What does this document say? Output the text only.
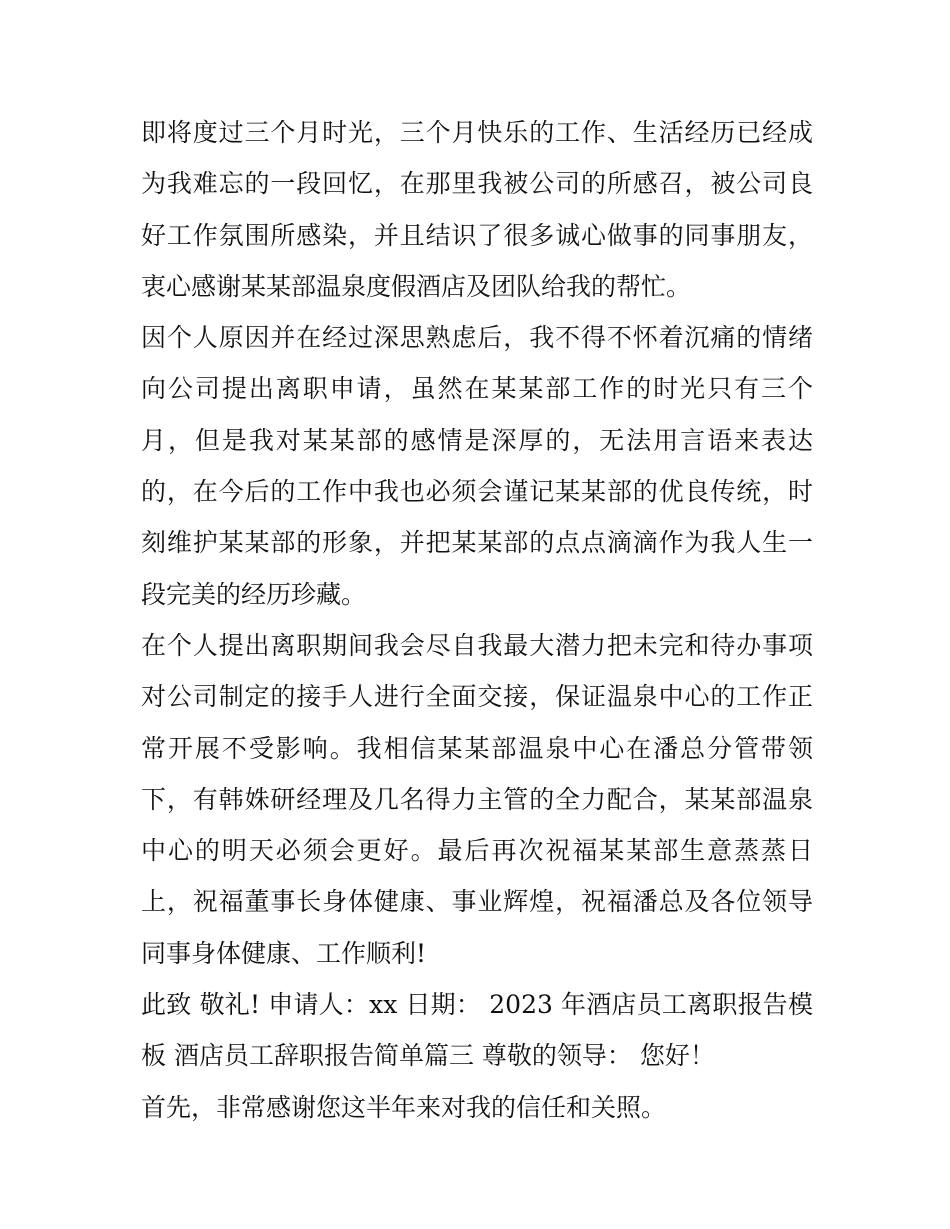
即将度过三个月时光，三个月快乐的工作、生活经历已经成为我难忘的一段回忆，在那里我被公司的所感召，被公司良好工作氛围所感染，并且结识了很多诚心做事的同事朋友，衷心感谢某某部温泉度假酒店及团队给我的帮忙。

因个人原因并在经过深思熟虑后，我不得不怀着沉痛的情绪向公司提出离职申请，虽然在某某部工作的时光只有三个月，但是我对某某部的感情是深厚的，无法用言语来表达的，在今后的工作中我也必须会谨记某某部的优良传统，时刻维护某某部的形象，并把某某部的点点滴滴作为我人生一段完美的经历珍藏。

在个人提出离职期间我会尽自我最大潜力把未完和待办事项对公司制定的接手人进行全面交接，保证温泉中心的工作正常开展不受影响。我相信某某部温泉中心在潘总分管带领下，有韩姝研经理及几名得力主管的全力配合，某某部温泉中心的明天必须会更好。最后再次祝福某某部生意蒸蒸日上，祝福董事长身体健康、事业辉煌，祝福潘总及各位领导同事身体健康、工作顺利!

此致 敬礼! 申请人：xx 日期： 2023 年酒店员工离职报告模板 酒店员工辞职报告简单篇三 尊敬的领导： 您好！

首先，非常感谢您这半年来对我的信任和关照。
